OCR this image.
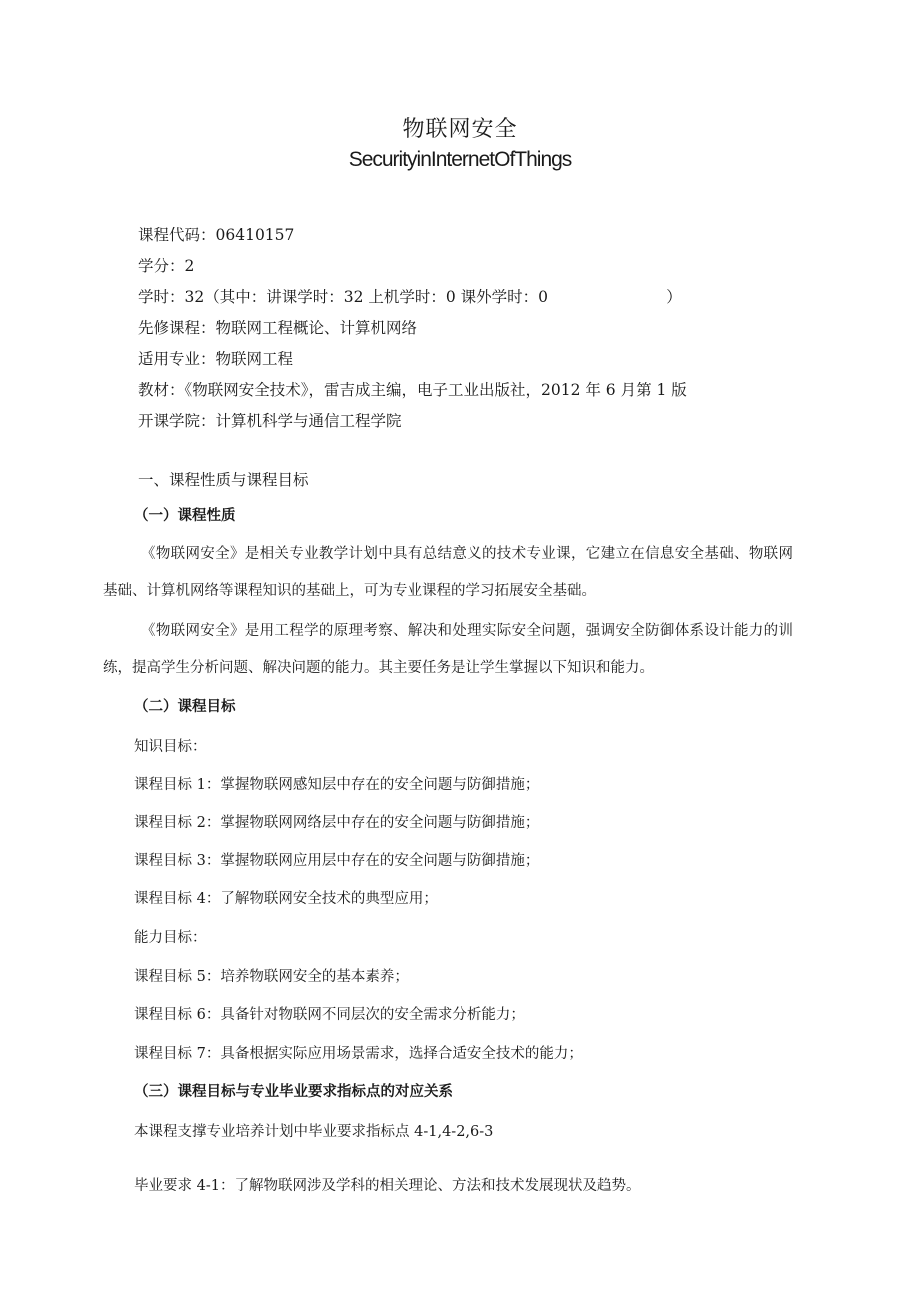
物联网安全
SecurityinInternetOfThings
课程代码：06410157
学分：2
学时：32（其中：讲课学时：32 上机学时：0 课外学时：0                        ）
先修课程：物联网工程概论、计算机网络
适用专业：物联网工程
教材：《物联网安全技术》，雷吉成主编，电子工业出版社，2012 年 6 月第 1 版
开课学院：计算机科学与通信工程学院
一、课程性质与课程目标
（一）课程性质
《物联网安全》是相关专业教学计划中具有总结意义的技术专业课，它建立在信息安全基础、物联网基础、计算机网络等课程知识的基础上，可为专业课程的学习拓展安全基础。
《物联网安全》是用工程学的原理考察、解决和处理实际安全问题，强调安全防御体系设计能力的训练，提高学生分析问题、解决问题的能力。其主要任务是让学生掌握以下知识和能力。
（二）课程目标
知识目标：
课程目标 1：掌握物联网感知层中存在的安全问题与防御措施；
课程目标 2：掌握物联网网络层中存在的安全问题与防御措施；
课程目标 3：掌握物联网应用层中存在的安全问题与防御措施；
课程目标 4：了解物联网安全技术的典型应用；
能力目标：
课程目标 5：培养物联网安全的基本素养；
课程目标 6：具备针对物联网不同层次的安全需求分析能力；
课程目标 7：具备根据实际应用场景需求，选择合适安全技术的能力；
（三）课程目标与专业毕业要求指标点的对应关系
本课程支撑专业培养计划中毕业要求指标点 4-1,4-2,6-3
毕业要求 4-1：了解物联网涉及学科的相关理论、方法和技术发展现状及趋势。
